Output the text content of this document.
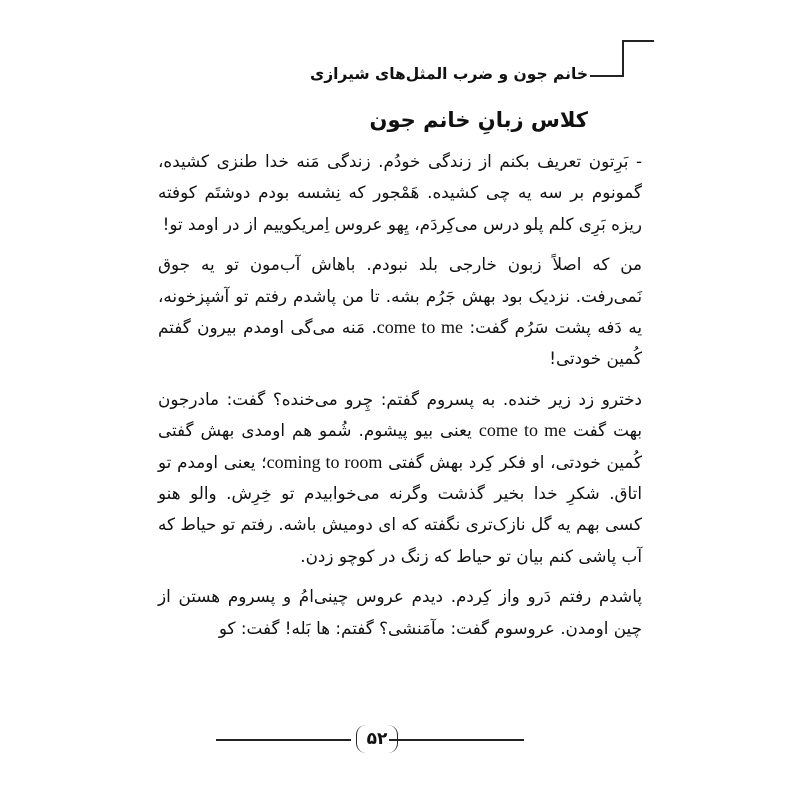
خانم جون و ضرب المثل‌های شیرازی
کلاس زبانِ خانم جون

- بَرِتون تعریف بکنم از زندگی خودُم. زندگی مَنه خدا طنزی کشیده، گمونوم بر سه یه چی کشیده. هَمْجور که نِشسه بودم دوشتَم کوفته ریزه بَرِی کلم پلو درس می‌کِردَم، یِهو عروس اِمریکوییم از در اومد تو!

من که اصلاً زبون خارجی بلد نبودم. باهاش آب‌مون تو یه جوق نَمی‌رفت. نزدیک بود بهش جَرُم بشه. تا من پاشدم رفتم تو آشپزخونه، یه دَفه پشت سَرُم گفت: come to me. مَنه می‌گی اومدم بیرون گفتم کُمین خودتی!

دخترو زد زیر خنده. به پسروم گفتم: چِرو می‌خنده؟ گفت: مادرجون بهت گفت come to me یعنی بیو پیشوم. شُمو هم اومدی بهش گفتی کُمین خودتی، او فکر کِرد بهش گفتی coming to room؛ یعنی اومدم تو اتاق. شکرِ خدا بخیر گذشت وگرنه می‌خوابیدم تو خِرِش. والو هنو کسی بهم یه گل نازک‌تری نگفته که ای دومیش باشه. رفتم تو حیاط که آب پاشی کنم بیان تو حیاط که زنگ در کوچو زدن.

پاشدم رفتم دَرو واز کِردم. دیدم عروس چینی‌امُ و پسروم هستن از چین اومدن. عروسوم گفت: مآمَنشی؟ گفتم: ها بَله! گفت: کو

۵۲
